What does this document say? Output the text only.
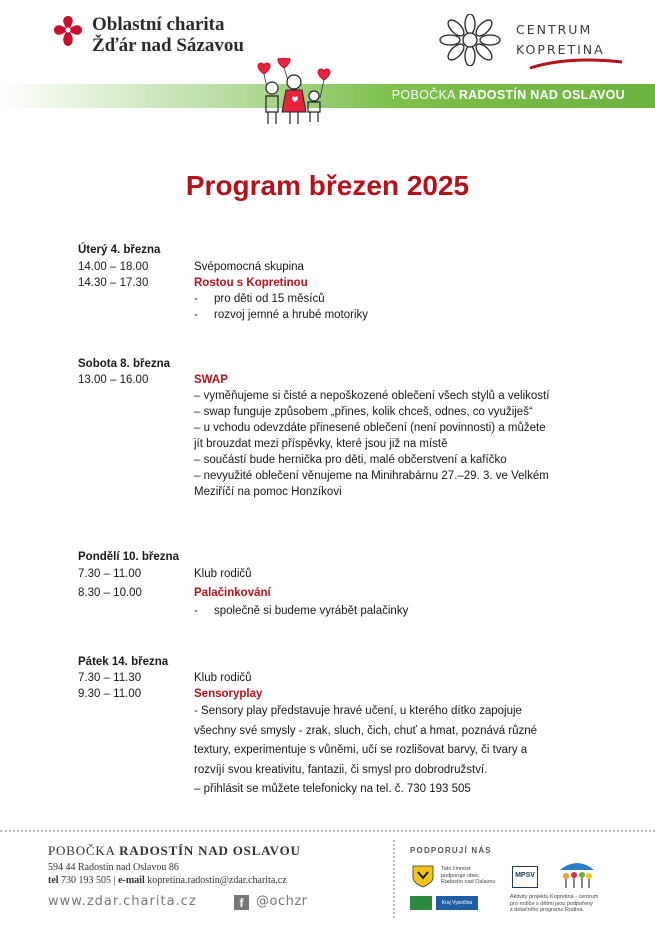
Oblastní charita
Žďár nad Sázavou
CENTRUM
KOPRETINA
POBOČKA RADOSTÍN NAD OSLAVOU
Program březen 2025
Úterý 4. března
14.00 – 18.00	Svépomocná skupina
14.30 – 17.30	Rostou s Kopretinou
- pro děti od 15 měsíců
- rozvoj jemné a hrubé motoriky
Sobota 8. března
13.00 – 16.00	SWAP
– vyměňujeme si čisté a nepoškozené oblečení všech stylů a velikostí
– swap funguje způsobem „přines, kolik chceš, odnes, co využiješ“
– u vchodu odevzdáte přinesené oblečení (není povinnosti) a můžete
jít brouzdat mezi příspěvky, které jsou již na místě
– součástí bude hernička pro děti, malé občerstvení a kafíčko
– nevyužité oblečení věnujeme na Minihrabárnu 27.–29. 3. ve Velkém
Meziříčí na pomoc Honzíkovi
Pondělí 10. března
7.30 – 11.00	Klub rodičů
8.30 – 10.00	Palačinkování
- společně si budeme vyrábět palačinky
Pátek 14. března
7.30 – 11.30	Klub rodičů
9.30 – 11.00	Sensoryplay
- Sensory play představuje hravé učení, u kterého dítko zapojuje
všechny své smysly - zrak, sluch, čich, chuť a hmat, poznává různé
textury, experimentuje s vůněmi, učí se rozlišovat barvy, či tvary a
rozvíjí svou kreativitu, fantazii, či smysl pro dobrodružství.
– přihlásit se můžete telefonicky na tel. č. 730 193 505
POBOČKA RADOSTÍN NAD OSLAVOU
594 44 Radostín nad Oslavou 86
tel 730 193 505 | e-mail kopretina.radostin@zdar.charita.cz
www.zdar.charita.cz	f @ochzr
PODPORUJÍ NÁS
Tato činnost
podporuje obec
Radostín nad Oslavou
MPSV
Aktivity projektu Kopretina - centrum
pro rodiče s dětmi jsou podpořeny
z dotačního programu Rodina.
Kraj Vysočina
